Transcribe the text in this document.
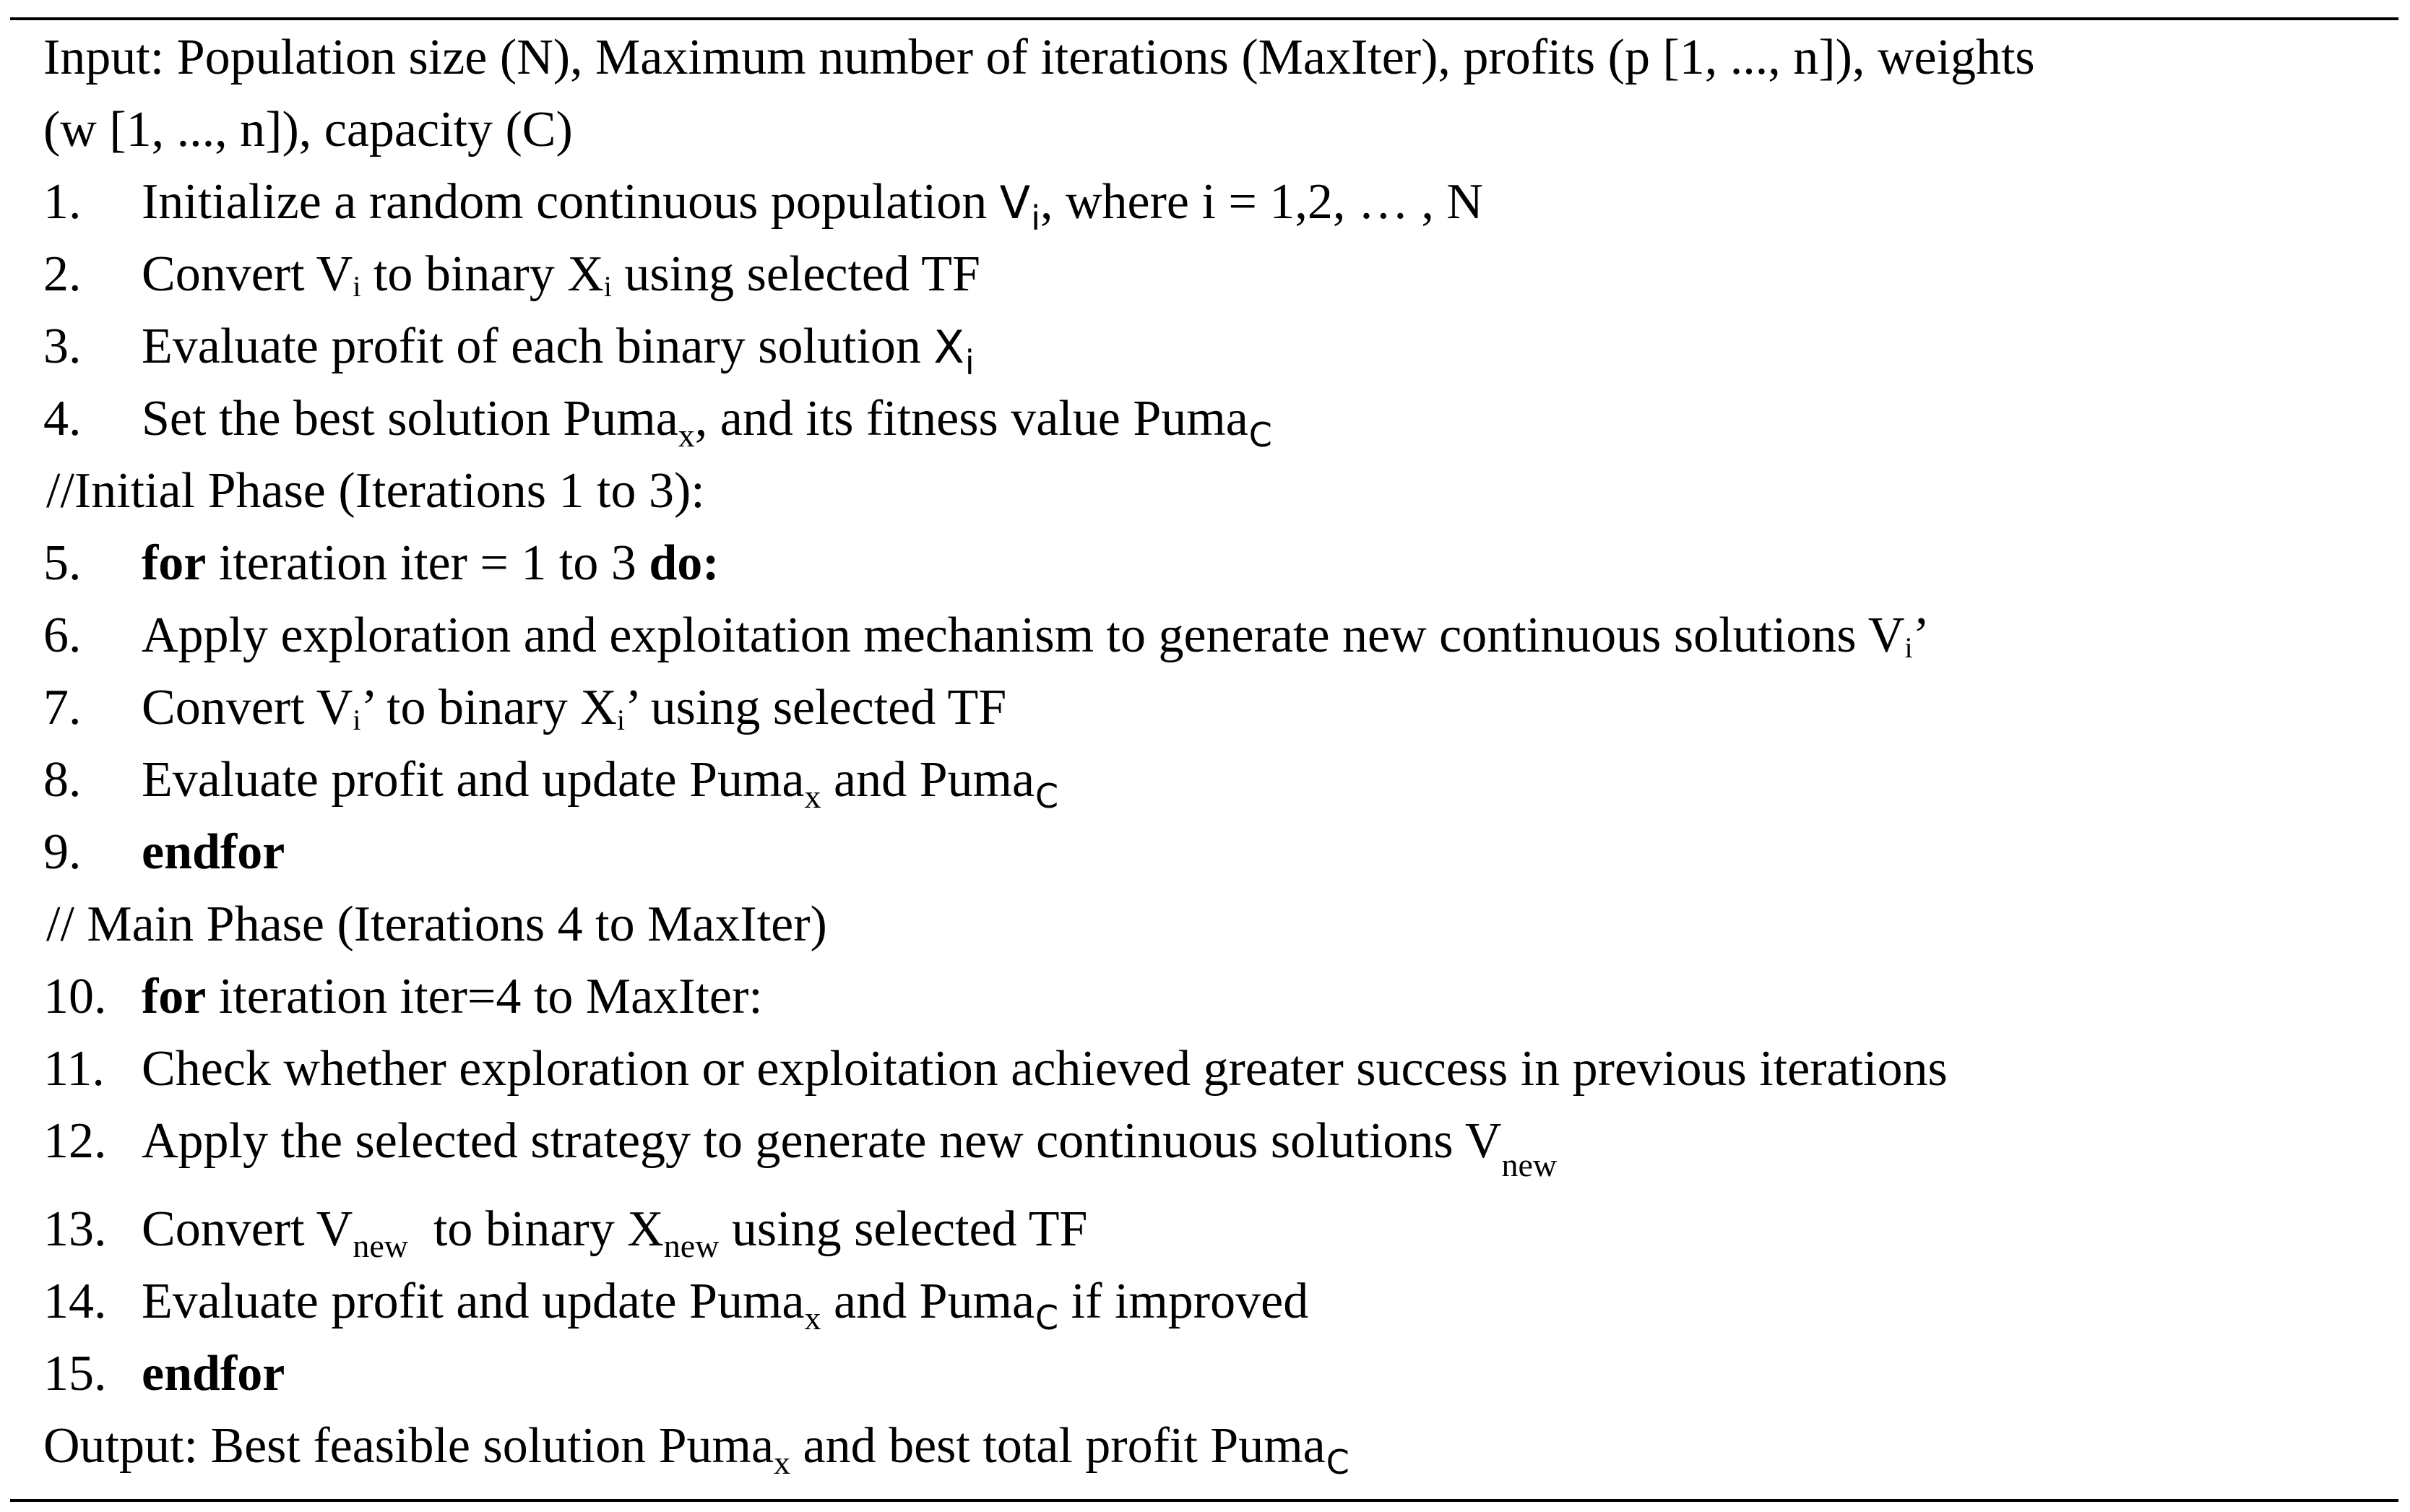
Input: Population size (N), Maximum number of iterations (MaxIter), profits (p [1, ..., n]), weights
(w [1, ..., n]), capacity (C)
1. Initialize a random continuous population $V_i$, where i = 1,2, … , N
2. Convert Vi to binary Xi using selected TF
3. Evaluate profit of each binary solution $X_i$
4. Set the best solution Puma$_x$, and its fitness value Puma$_C$
//Initial Phase (Iterations 1 to 3):
5. for iteration iter = 1 to 3 do:
6. Apply exploration and exploitation mechanism to generate new continuous solutions Vi’
7. Convert Vi’ to binary Xi’ using selected TF
8. Evaluate profit and update Puma$_x$ and Puma$_C$
9. endfor
// Main Phase (Iterations 4 to MaxIter)
10. for iteration iter=4 to MaxIter:
11. Check whether exploration or exploitation achieved greater success in previous iterations
12. Apply the selected strategy to generate new continuous solutions $V_{new}$
13. Convert $V_{new}$  to binary $X_{new}$ using selected TF
14. Evaluate profit and update Puma$_x$ and Puma$_C$ if improved
15. endfor
Output: Best feasible solution Puma$_x$ and best total profit Puma$_C$
